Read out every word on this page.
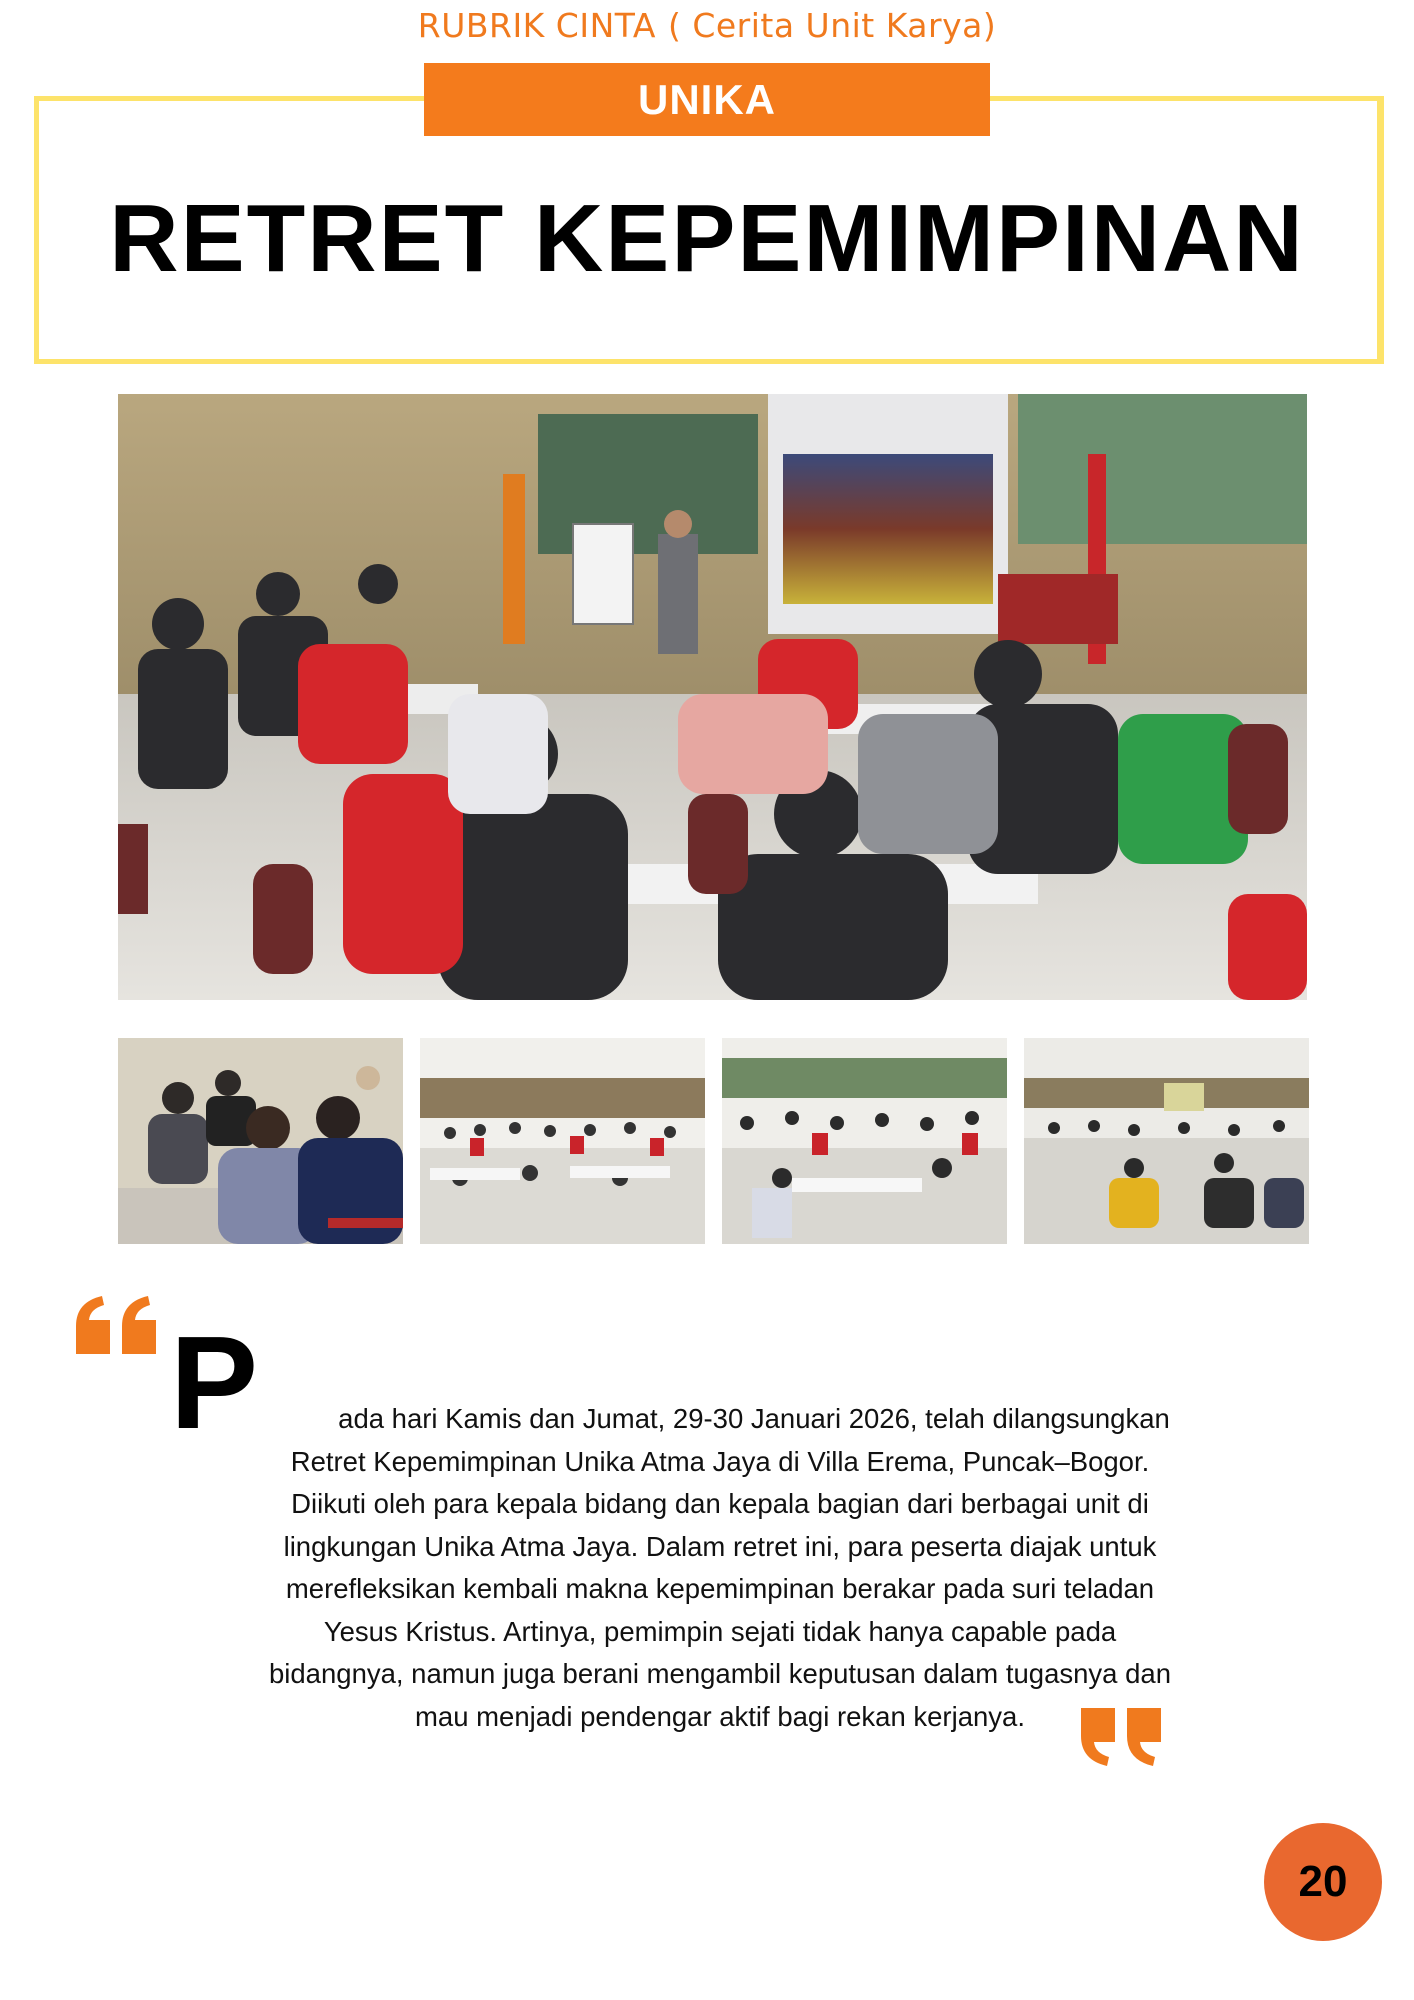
RUBRIK CINTA ( Cerita Unit Karya)
UNIKA
RETRET KEPEMIMPINAN
P	ada hari Kamis dan Jumat, 29-30 Januari 2026, telah dilangsungkan
Retret Kepemimpinan Unika Atma Jaya di Villa Erema, Puncak–Bogor.
Diikuti oleh para kepala bidang dan kepala bagian dari berbagai unit di
lingkungan Unika Atma Jaya. Dalam retret ini, para peserta diajak untuk
merefleksikan kembali makna kepemimpinan berakar pada suri teladan
Yesus Kristus. Artinya, pemimpin sejati tidak hanya capable pada
bidangnya, namun juga berani mengambil keputusan dalam tugasnya dan
mau menjadi pendengar aktif bagi rekan kerjanya.
20
